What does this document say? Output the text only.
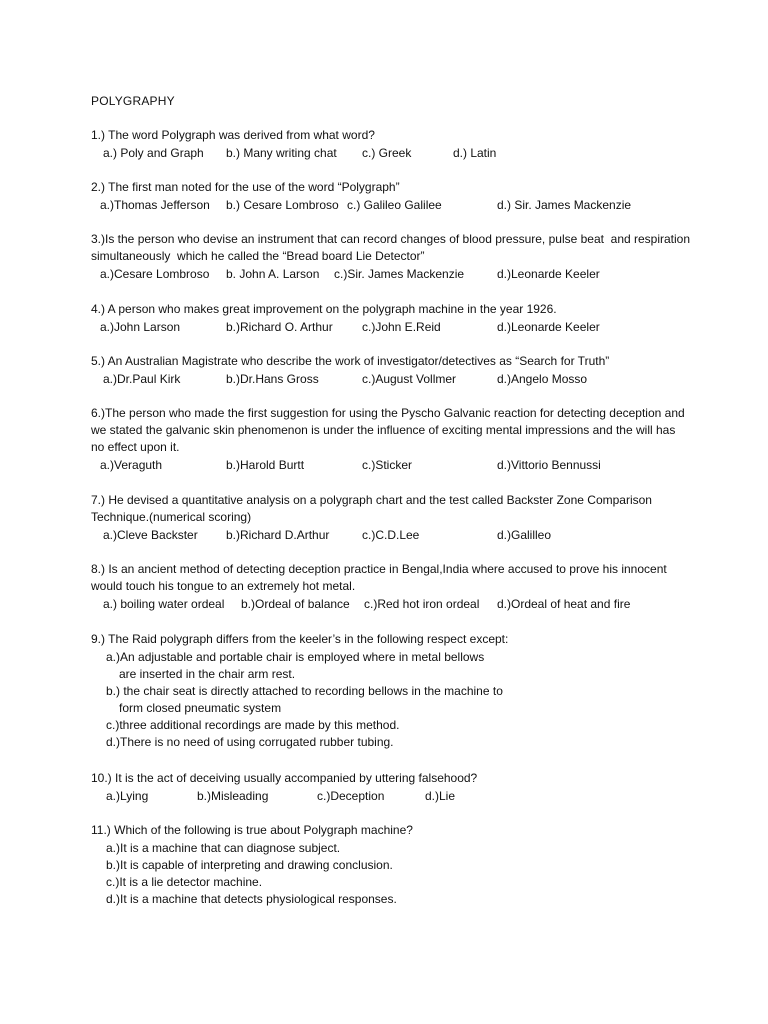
POLYGRAPHY
1.) The word Polygraph was derived from what word?
a.) Poly and Graph b.) Many writing chat c.) Greek	d.) Latin
2.) The first man noted for the use of the word “Polygraph”
a.)Thomas Jefferson b.) Cesare Lombroso c.) Galileo Galilee	d.) Sir. James Mackenzie
3.)Is the person who devise an instrument that can record changes of blood pressure, pulse beat  and respiration simultaneously  which he called the “Bread board Lie Detector”
a.)Cesare Lombroso b. John A. Larson c.)Sir. James Mackenzie	d.)Leonarde Keeler
4.) A person who makes great improvement on the polygraph machine in the year 1926.
a.)John Larson	b.)Richard O. Arthur c.)John E.Reid	d.)Leonarde Keeler
5.) An Australian Magistrate who describe the work of investigator/detectives as “Search for Truth”
a.)Dr.Paul Kirk	b.)Dr.Hans Gross	c.)August Vollmer	d.)Angelo Mosso
6.)The person who made the first suggestion for using the Pyscho Galvanic reaction for detecting deception and we stated the galvanic skin phenomenon is under the influence of exciting mental impressions and the will has no effect upon it.
a.)Veraguth	b.)Harold Burtt	c.)Sticker	d.)Vittorio Bennussi
7.) He devised a quantitative analysis on a polygraph chart and the test called Backster Zone Comparison Technique.(numerical scoring)
a.)Cleve Backster b.)Richard D.Arthur	c.)C.D.Lee	d.)Galilleo
8.) Is an ancient method of detecting deception practice in Bengal,India where accused to prove his innocent would touch his tongue to an extremely hot metal.
a.) boiling water ordeal b.)Ordeal of balance c.)Red hot iron ordeal d.)Ordeal of heat and fire
9.) The Raid polygraph differs from the keeler’s in the following respect except:
a.)An adjustable and portable chair is employed where in metal bellows
are inserted in the chair arm rest.
b.) the chair seat is directly attached to recording bellows in the machine to
form closed pneumatic system
c.)three additional recordings are made by this method.
d.)There is no need of using corrugated rubber tubing.
10.) It is the act of deceiving usually accompanied by uttering falsehood?
a.)Lying	b.)Misleading	c.)Deception	d.)Lie
11.) Which of the following is true about Polygraph machine?
a.)It is a machine that can diagnose subject.
b.)It is capable of interpreting and drawing conclusion.
c.)It is a lie detector machine.
d.)It is a machine that detects physiological responses.
